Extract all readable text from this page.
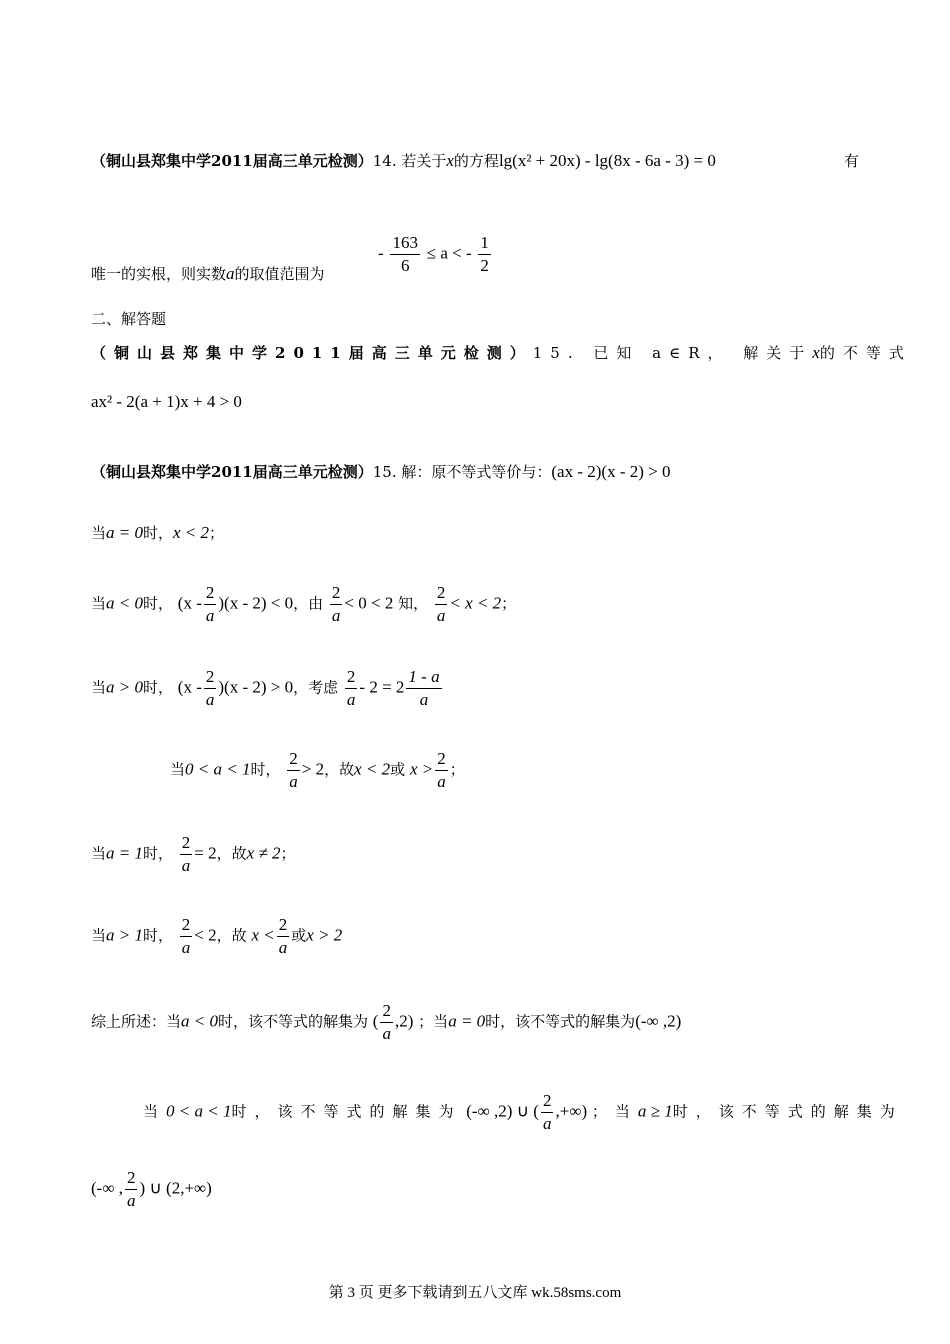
（铜山县郑集中学2011届高三单元检测）14. 若关于x的方程lg(x² + 20x) - lg(8x - 6a - 3) = 0	有
唯一的实根，则实数a的取值范围为
- $\frac{163}{6} \le a$ < - $\frac{1}{2}$
二、解答题
（铜山县郑集中学2011届高三单元检测）15. 已知 a∈R， 解关于x的不等式
ax² - 2(a + 1)x + 4 > 0
（铜山县郑集中学2011届高三单元检测）15. 解：原不等式等价与：(ax - 2)(x - 2) > 0
当a = 0时，x < 2；
当a < 0时， $(x - \frac{2}{a} )(x - 2) < 0$，由 $\frac{2}{a} < 0 < 2$ 知， $\frac{2}{a} < x < 2$；
当a > 0时， $(x - \frac{2}{a} )(x - 2) > 0$，考虑 $\frac{2}{a} - 2 = 2 \frac{1 - a}{a}$
当0 < a < 1时， $\frac{2}{a} > 2$，故x < 2或 $x > \frac{2}{a}$ ；
当a = 1时， $\frac{2}{a} = 2$，故x ≠ 2；
当a > 1时， $\frac{2}{a} < 2$，故 $x < \frac{2}{a}$ 或x > 2
综上所述：当a < 0时，该不等式的解集为 ( $\frac{2}{a} ,2$) ；当a = 0时，该不等式的解集为(-∞ ,2)
当0 < a < 1时，该不等式的解集为 (-∞ ,2) ∪ ( $\frac{2}{a}$ ,+∞) ；当a ≥ 1时，该不等式的解集为
(-∞ , $\frac{2}{a}$ ) ∪ (2,+∞)
第 3 页 更多下载请到五八文库 wk.58sms.com
